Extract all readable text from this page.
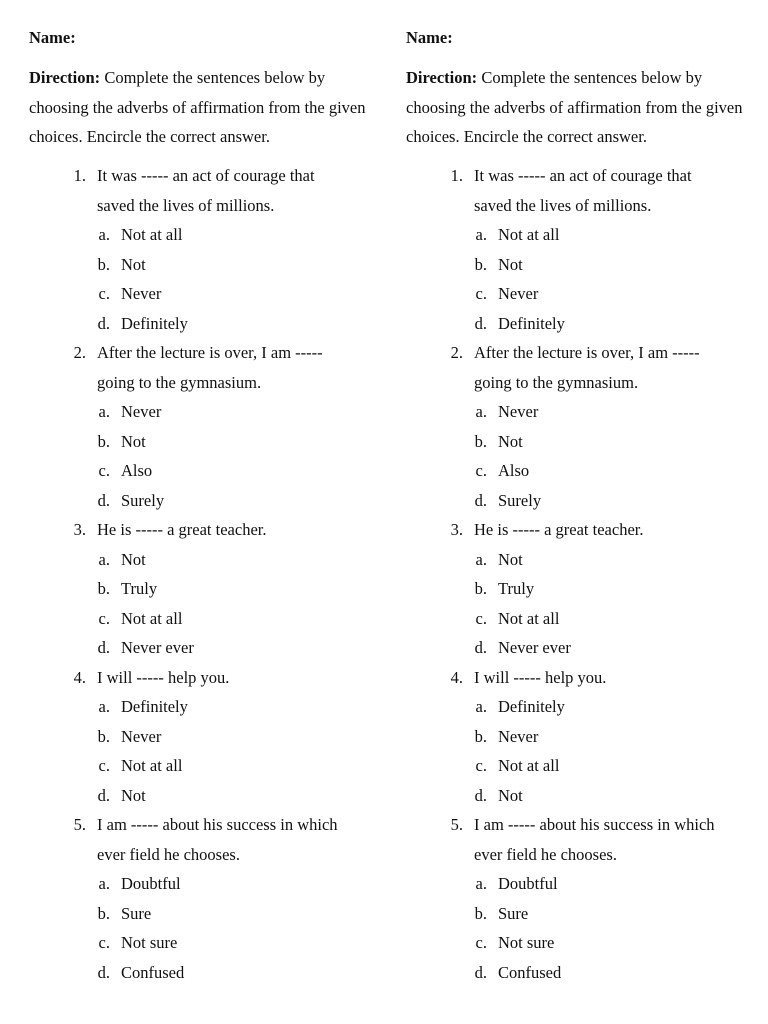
Name:
Direction: Complete the sentences below by choosing the adverbs of affirmation from the given choices. Encircle the correct answer.
1. It was ----- an act of courage that saved the lives of millions.
a. Not at all
b. Not
c. Never
d. Definitely
2. After the lecture is over, I am ----- going to the gymnasium.
a. Never
b. Not
c. Also
d. Surely
3. He is ----- a great teacher.
a. Not
b. Truly
c. Not at all
d. Never ever
4. I will ----- help you.
a. Definitely
b. Never
c. Not at all
d. Not
5. I am ----- about his success in which ever field he chooses.
a. Doubtful
b. Sure
c. Not sure
d. Confused
Name:
Direction: Complete the sentences below by choosing the adverbs of affirmation from the given choices. Encircle the correct answer.
1. It was ----- an act of courage that saved the lives of millions.
a. Not at all
b. Not
c. Never
d. Definitely
2. After the lecture is over, I am ----- going to the gymnasium.
a. Never
b. Not
c. Also
d. Surely
3. He is ----- a great teacher.
a. Not
b. Truly
c. Not at all
d. Never ever
4. I will ----- help you.
a. Definitely
b. Never
c. Not at all
d. Not
5. I am ----- about his success in which ever field he chooses.
a. Doubtful
b. Sure
c. Not sure
d. Confused
